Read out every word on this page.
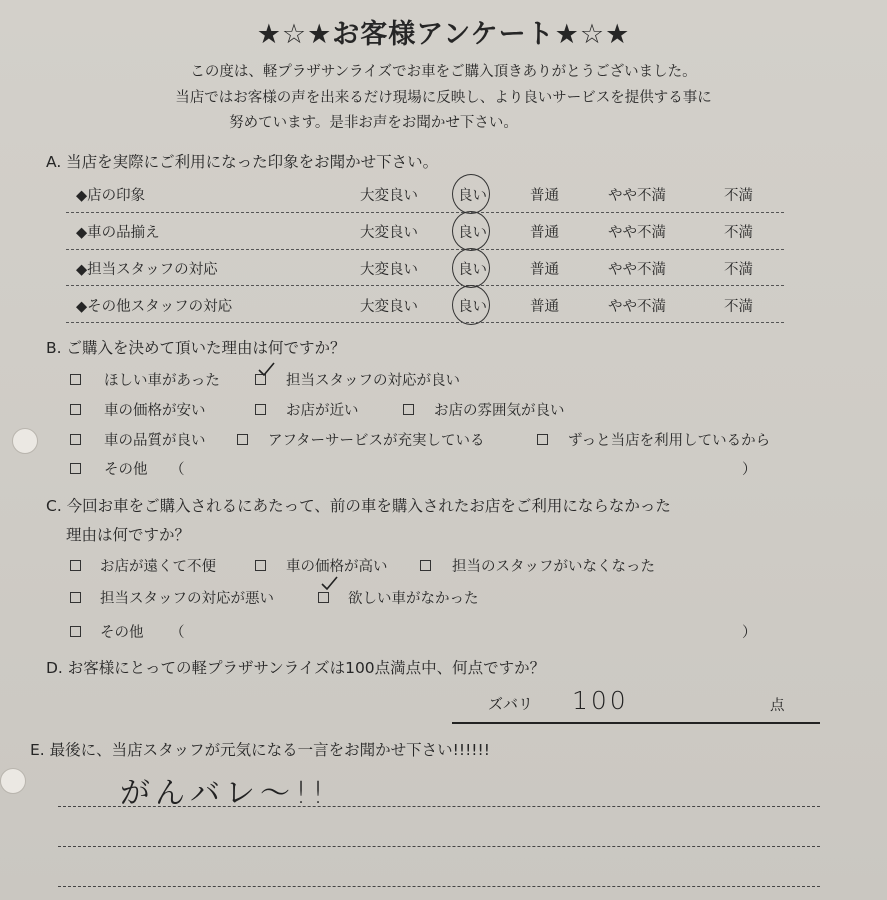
★☆★お客様アンケート★☆★
この度は、軽プラザサンライズでお車をご購入頂きありがとうございました。
当店ではお客様の声を出来るだけ現場に反映し、より良いサービスを提供する事に
努めています。是非お声をお聞かせ下さい。
A. 当店を実際にご利用になった印象をお聞かせ下さい。
◆店の印象	大変良い	良い	普通	やや不満	不満
◆車の品揃え	大変良い	良い	普通	やや不満	不満
◆担当スタッフの対応	大変良い	良い	普通	やや不満	不満
◆その他スタッフの対応	大変良い	良い	普通	やや不満	不満
B. ご購入を決めて頂いた理由は何ですか？
ほしい車があった	担当スタッフの対応が良い
車の価格が安い	お店が近い	お店の雰囲気が良い
車の品質が良い	アフターサービスが充実している	ずっと当店を利用しているから
その他 （	）
C. 今回お車をご購入されるにあたって、前の車を購入されたお店をご利用にならなかった
理由は何ですか？
お店が遠くて不便	車の価格が高い	担当のスタッフがいなくなった
担当スタッフの対応が悪い	欲しい車がなかった
その他 （	）
D. お客様にとっての軽プラザサンライズは100点満点中、何点ですか？
ズバリ 100	点
E. 最後に、当店スタッフが元気になる一言をお聞かせ下さい!!!!!!
がんバレ～!!
